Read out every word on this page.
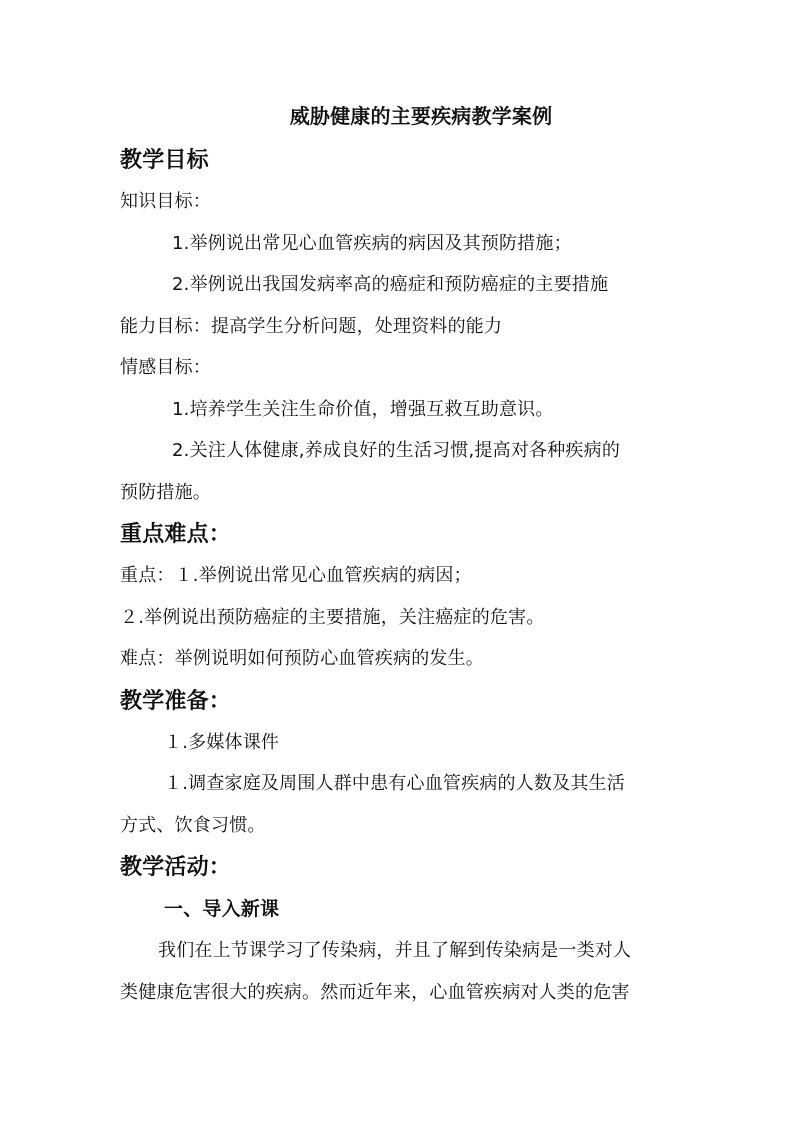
威胁健康的主要疾病教学案例
教学目标
知识目标：
1.举例说出常见心血管疾病的病因及其预防措施；
2.举例说出我国发病率高的癌症和预防癌症的主要措施
能力目标：提高学生分析问题，处理资料的能力
情感目标：
1.培养学生关注生命价值，增强互救互助意识。
2.关注人体健康,养成良好的生活习惯,提高对各种疾病的
预防措施。
重点难点：
重点：１.举例说出常见心血管疾病的病因；
２.举例说出预防癌症的主要措施，关注癌症的危害。
难点：举例说明如何预防心血管疾病的发生。
教学准备：
１.多媒体课件
１.调查家庭及周围人群中患有心血管疾病的人数及其生活
方式、饮食习惯。
教学活动：
一、导入新课
我们在上节课学习了传染病，并且了解到传染病是一类对人
类健康危害很大的疾病。然而近年来，心血管疾病对人类的危害
